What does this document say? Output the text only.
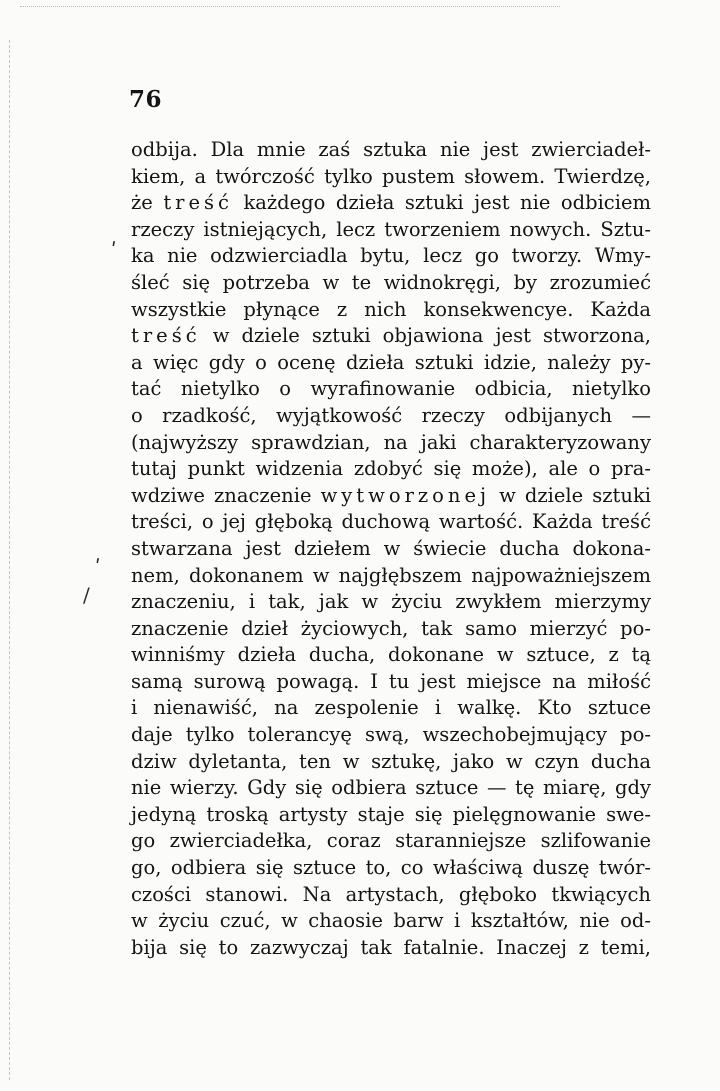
76
ʹ
ʹ
/
odbija. Dla mnie zaś sztuka nie jest zwierciadeł-
kiem, a twórczość tylko pustem słowem. Twierdzę,
że treść każdego dzieła sztuki jest nie odbiciem
rzeczy istniejących, lecz tworzeniem nowych. Sztu-
ka nie odzwierciadla bytu, lecz go tworzy. Wmy-
śleć się potrzeba w te widnokręgi, by zrozumieć
wszystkie płynące z nich konsekwencye. Każda
treść w dziele sztuki objawiona jest stworzona,
a więc gdy o ocenę dzieła sztuki idzie, należy py-
tać nietylko o wyrafinowanie odbicia, nietylko
o rzadkość, wyjątkowość rzeczy odbijanych —
(najwyższy sprawdzian, na jaki charakteryzowany
tutaj punkt widzenia zdobyć się może), ale o pra-
wdziwe znaczenie wytworzonej w dziele sztuki
treści, o jej głęboką duchową wartość. Każda treść
stwarzana jest dziełem w świecie ducha dokona-
nem, dokonanem w najgłębszem najpoważniejszem
znaczeniu, i tak, jak w życiu zwykłem mierzymy
znaczenie dzieł życiowych, tak samo mierzyć po-
winniśmy dzieła ducha, dokonane w sztuce, z tą
samą surową powagą. I tu jest miejsce na miłość
i nienawiść, na zespolenie i walkę. Kto sztuce
daje tylko tolerancyę swą, wszechobejmujący po-
dziw dyletanta, ten w sztukę, jako w czyn ducha
nie wierzy. Gdy się odbiera sztuce — tę miarę, gdy
jedyną troską artysty staje się pielęgnowanie swe-
go zwierciadełka, coraz staranniejsze szlifowanie
go, odbiera się sztuce to, co właściwą duszę twór-
czości stanowi. Na artystach, głęboko tkwiących
w życiu czuć, w chaosie barw i kształtów, nie od-
bija się to zazwyczaj tak fatalnie. Inaczej z temi,
